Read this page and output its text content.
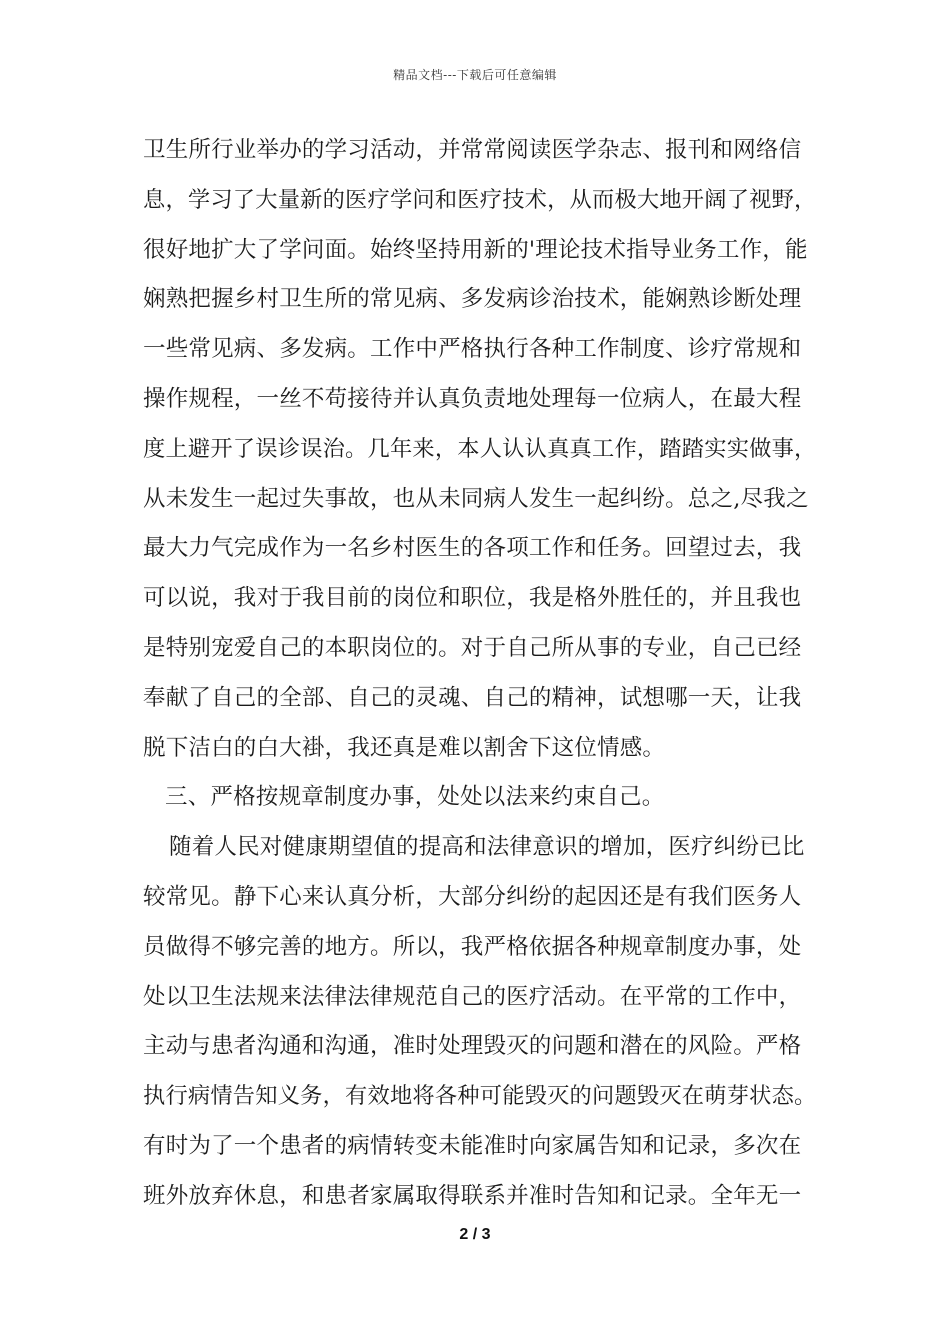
精品文档---下载后可任意编辑
卫生所行业举办的学习活动，并常常阅读医学杂志、报刊和网络信
息，学习了大量新的医疗学问和医疗技术，从而极大地开阔了视野，
很好地扩大了学问面。始终坚持用新的'理论技术指导业务工作，能
娴熟把握乡村卫生所的常见病、多发病诊治技术，能娴熟诊断处理
一些常见病、多发病。工作中严格执行各种工作制度、诊疗常规和
操作规程，一丝不苟接待并认真负责地处理每一位病人，在最大程
度上避开了误诊误治。几年来，本人认认真真工作，踏踏实实做事，
从未发生一起过失事故，也从未同病人发生一起纠纷。总之,尽我之
最大力气完成作为一名乡村医生的各项工作和任务。回望过去，我
可以说，我对于我目前的岗位和职位，我是格外胜任的，并且我也
是特别宠爱自己的本职岗位的。对于自己所从事的专业，自己已经
奉献了自己的全部、自己的灵魂、自己的精神，试想哪一天，让我
脱下洁白的白大褂，我还真是难以割舍下这位情感。
三、严格按规章制度办事，处处以法来约束自己。
随着人民对健康期望值的提高和法律意识的增加，医疗纠纷已比
较常见。静下心来认真分析，大部分纠纷的起因还是有我们医务人
员做得不够完善的地方。所以，我严格依据各种规章制度办事，处
处以卫生法规来法律法律规范自己的医疗活动。在平常的工作中，
主动与患者沟通和沟通，准时处理毁灭的问题和潜在的风险。严格
执行病情告知义务，有效地将各种可能毁灭的问题毁灭在萌芽状态。
有时为了一个患者的病情转变未能准时向家属告知和记录，多次在
班外放弃休息，和患者家属取得联系并准时告知和记录。全年无一
2 / 3
